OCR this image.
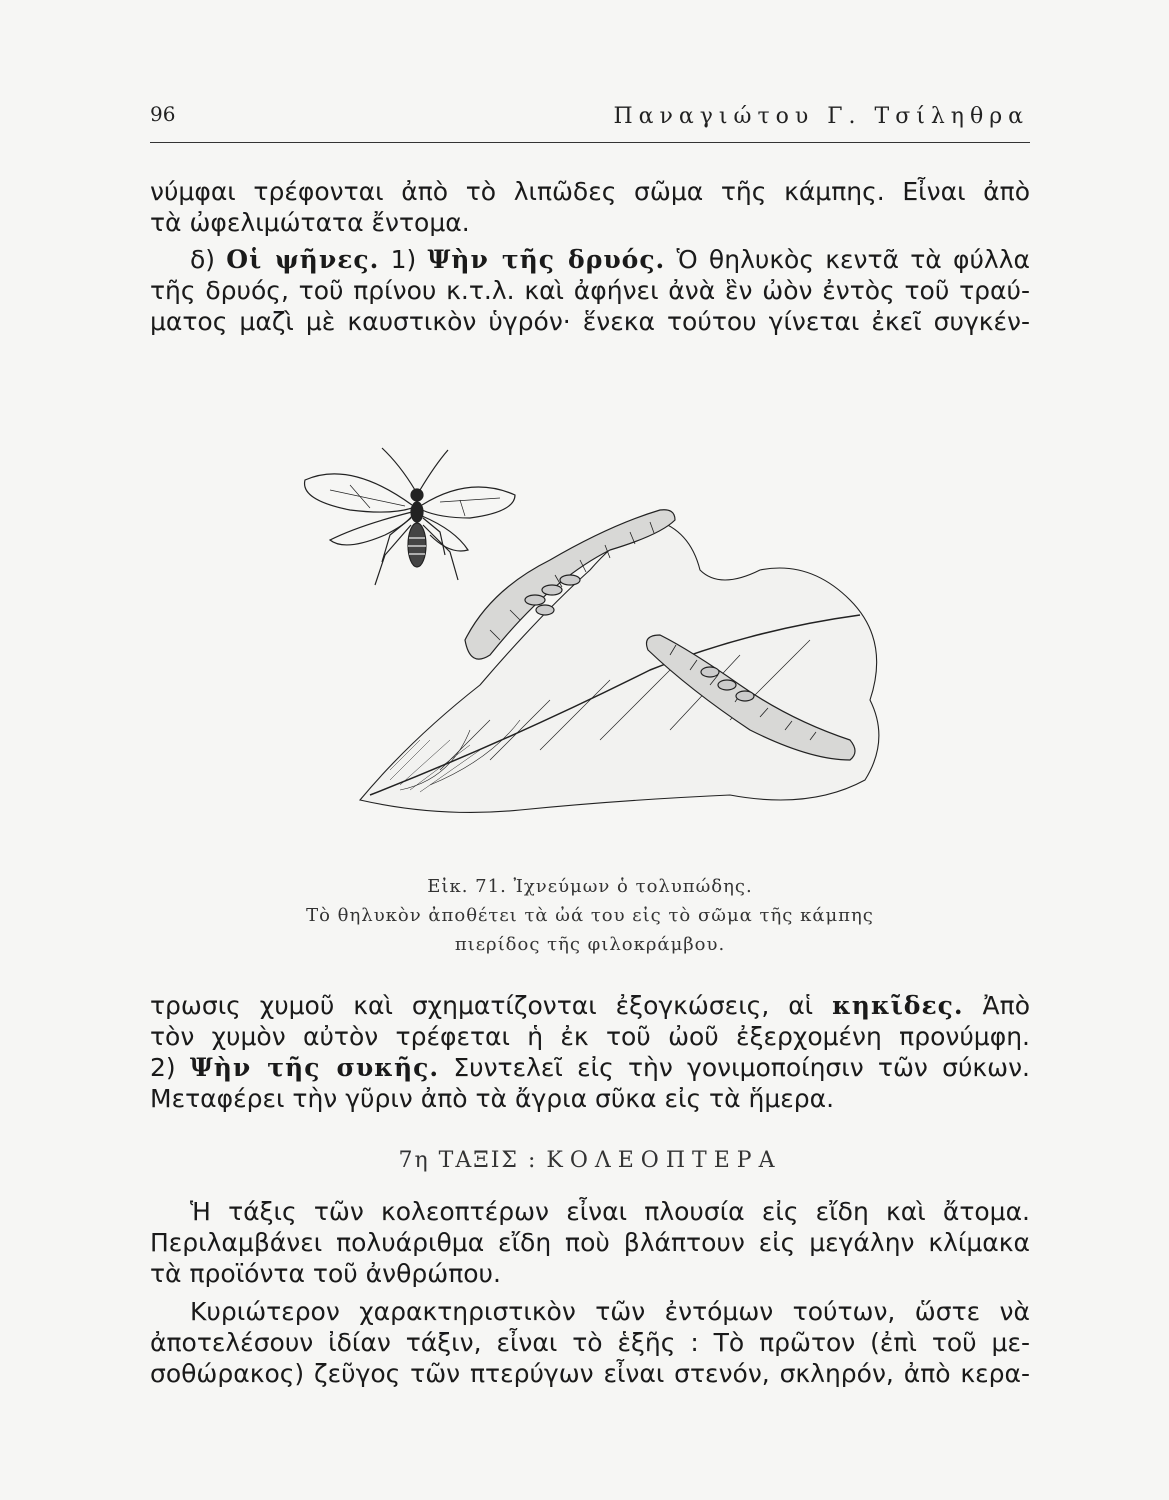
96	Παναγιώτου Γ. Τσίληθρα
νύμφαι τρέφονται ἀπὸ τὸ λιπῶδες σῶμα τῆς κάμπης. Εἶναι ἀπὸ
τὰ ὠφελιμώτατα ἔντομα.
δ) Οἱ ψῆνες. 1) Ψὴν τῆς δρυός. Ὁ θηλυκὸς κεντᾶ τὰ φύλλα
τῆς δρυός, τοῦ πρίνου κ.τ.λ. καὶ ἀφήνει ἀνὰ ἓν ὠὸν ἐντὸς τοῦ τραύ-
ματος μαζὶ μὲ καυστικὸν ὑγρόν· ἕνεκα τούτου γίνεται ἐκεῖ συγκέν-
Εἰκ. 71. Ἰχνεύμων ὁ τολυπώδης.
Τὸ θηλυκὸν ἀποθέτει τὰ ὠά του εἰς τὸ σῶμα τῆς κάμπης
πιερίδος τῆς φιλοκράμβου.
τρωσις χυμοῦ καὶ σχηματίζονται ἐξογκώσεις, αἱ κηκῖδες. Ἀπὸ
τὸν χυμὸν αὐτὸν τρέφεται ἡ ἐκ τοῦ ὠοῦ ἐξερχομένη προνύμφη.
2) Ψὴν τῆς συκῆς. Συντελεῖ εἰς τὴν γονιμοποίησιν τῶν σύκων.
Μεταφέρει τὴν γῦριν ἀπὸ τὰ ἄγρια σῦκα εἰς τὰ ἥμερα.
7η ΤΑΞΙΣ : ΚΟΛΕΟΠΤΕΡΑ
Ἡ τάξις τῶν κολεοπτέρων εἶναι πλουσία εἰς εἴδη καὶ ἄτομα.
Περιλαμβάνει πολυάριθμα εἴδη ποὺ βλάπτουν εἰς μεγάλην κλίμακα
τὰ προϊόντα τοῦ ἀνθρώπου.
Κυριώτερον χαρακτηριστικὸν τῶν ἐντόμων τούτων, ὥστε νὰ
ἀποτελέσουν ἰδίαν τάξιν, εἶναι τὸ ἑξῆς : Τὸ πρῶτον (ἐπὶ τοῦ με-
σοθώρακος) ζεῦγος τῶν πτερύγων εἶναι στενόν, σκληρόν, ἀπὸ κερα-
